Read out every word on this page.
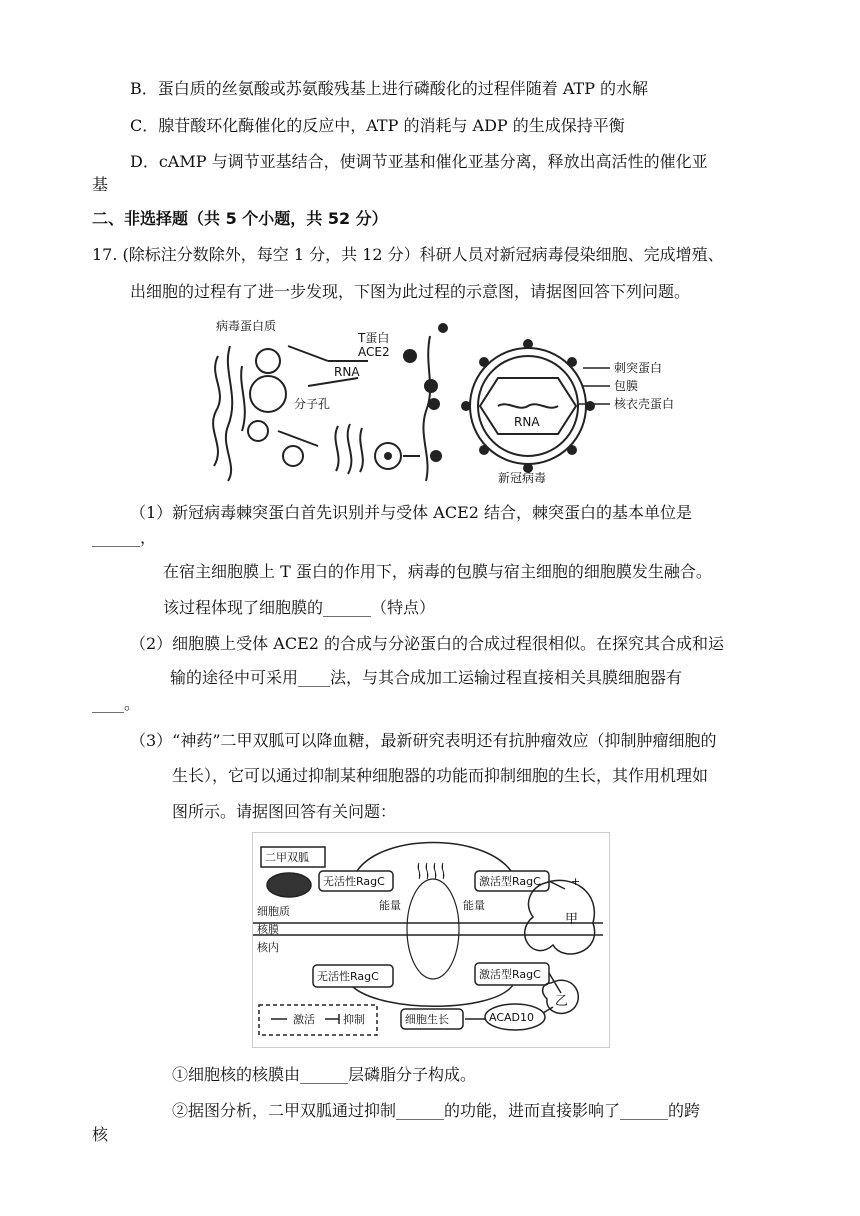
B．蛋白质的丝氨酸或苏氨酸残基上进行磷酸化的过程伴随着 ATP 的水解
C．腺苷酸环化酶催化的反应中，ATP 的消耗与 ADP 的生成保持平衡
D．cAMP 与调节亚基结合，使调节亚基和催化亚基分离，释放出高活性的催化亚
基
二、非选择题（共 5 个小题，共 52 分）
17. (除标注分数除外，每空 1 分，共 12 分）科研人员对新冠病毒侵染细胞、完成增殖、
出细胞的过程有了进一步发现，下图为此过程的示意图，请据图回答下列问题。
病毒蛋白质
T蛋白
ACE2
RNA
分子孔
刺突蛋白
包膜
核衣壳蛋白
RNA
新冠病毒
（1）新冠病毒棘突蛋白首先识别并与受体 ACE2 结合，棘突蛋白的基本单位是
______，
在宿主细胞膜上 T 蛋白的作用下，病毒的包膜与宿主细胞的细胞膜发生融合。
该过程体现了细胞膜的______（特点）
（2）细胞膜上受体 ACE2 的合成与分泌蛋白的合成过程很相似。在探究其合成和运
输的途径中可采用____法，与其合成加工运输过程直接相关具膜细胞器有
____。
（3）“神药”二甲双胍可以降血糖，最新研究表明还有抗肿瘤效应（抑制肿瘤细胞的
生长），它可以通过抑制某种细胞器的功能而抑制细胞的生长，其作用机理如
图所示。请据图回答有关问题：
二甲双胍
无活性RagC	激活型RagC
能量	能量
细胞质
核膜
核内
甲
乙
无活性RagC	激活型RagC
ACAD10
细胞生长
激活	抑制
+
①细胞核的核膜由______层磷脂分子构成。
②据图分析，二甲双胍通过抑制______的功能，进而直接影响了______的跨
核
